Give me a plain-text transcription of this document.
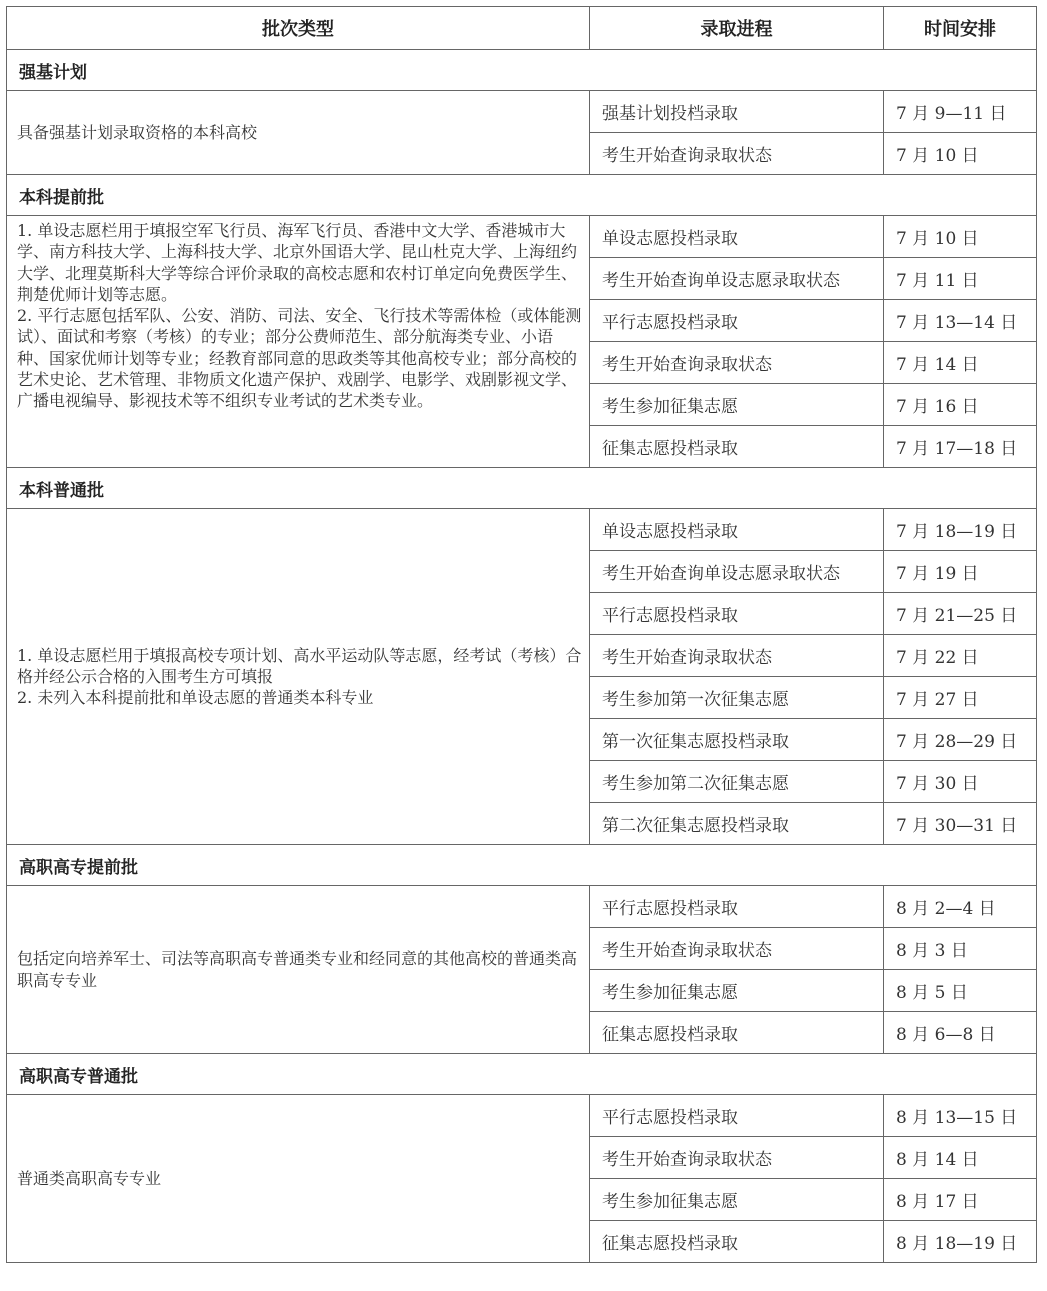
批次类型	录取进程	时间安排
强基计划		

具备强基计划录取资格的本科高校	强基计划投档录取	7 月 9—11 日
	考生开始查询录取状态	7 月 10 日
本科提前批		

1. 单设志愿栏用于填报空军飞行员、海军飞行员、香港中文大学、香港城市大学、南方科技大学、上海科技大学、北京外国语大学、昆山杜克大学、上海纽约大学、北理莫斯科大学等综合评价录取的高校志愿和农村订单定向免费医学生、荆楚优师计划等志愿。

2. 平行志愿包括军队、公安、消防、司法、安全、飞行技术等需体检（或体能测试）、面试和考察（考核）的专业；部分公费师范生、部分航海类专业、小语种、国家优师计划等专业；经教育部同意的思政类等其他高校专业；部分高校的艺术史论、艺术管理、非物质文化遗产保护、戏剧学、电影学、戏剧影视文学、广播电视编导、影视技术等不组织专业考试的艺术类专业。	单设志愿投档录取	7 月 10 日
	考生开始查询单设志愿录取状态	7 月 11 日
	平行志愿投档录取	7 月 13—14 日
	考生开始查询录取状态	7 月 14 日
	考生参加征集志愿	7 月 16 日
	征集志愿投档录取	7 月 17—18 日
本科普通批		

1. 单设志愿栏用于填报高校专项计划、高水平运动队等志愿，经考试（考核）合格并经公示合格的入围考生方可填报

2. 未列入本科提前批和单设志愿的普通类本科专业	单设志愿投档录取	7 月 18—19 日
	考生开始查询单设志愿录取状态	7 月 19 日
	平行志愿投档录取	7 月 21—25 日
	考生开始查询录取状态	7 月 22 日
	考生参加第一次征集志愿	7 月 27 日
	第一次征集志愿投档录取	7 月 28—29 日
	考生参加第二次征集志愿	7 月 30 日
	第二次征集志愿投档录取	7 月 30—31 日
高职高专提前批		

包括定向培养军士、司法等高职高专普通类专业和经同意的其他高校的普通类高职高专专业	平行志愿投档录取	8 月 2—4 日
	考生开始查询录取状态	8 月 3 日
	考生参加征集志愿	8 月 5 日
	征集志愿投档录取	8 月 6—8 日
高职高专普通批		

普通类高职高专专业	平行志愿投档录取	8 月 13—15 日
	考生开始查询录取状态	8 月 14 日
	考生参加征集志愿	8 月 17 日
	征集志愿投档录取	8 月 18—19 日
